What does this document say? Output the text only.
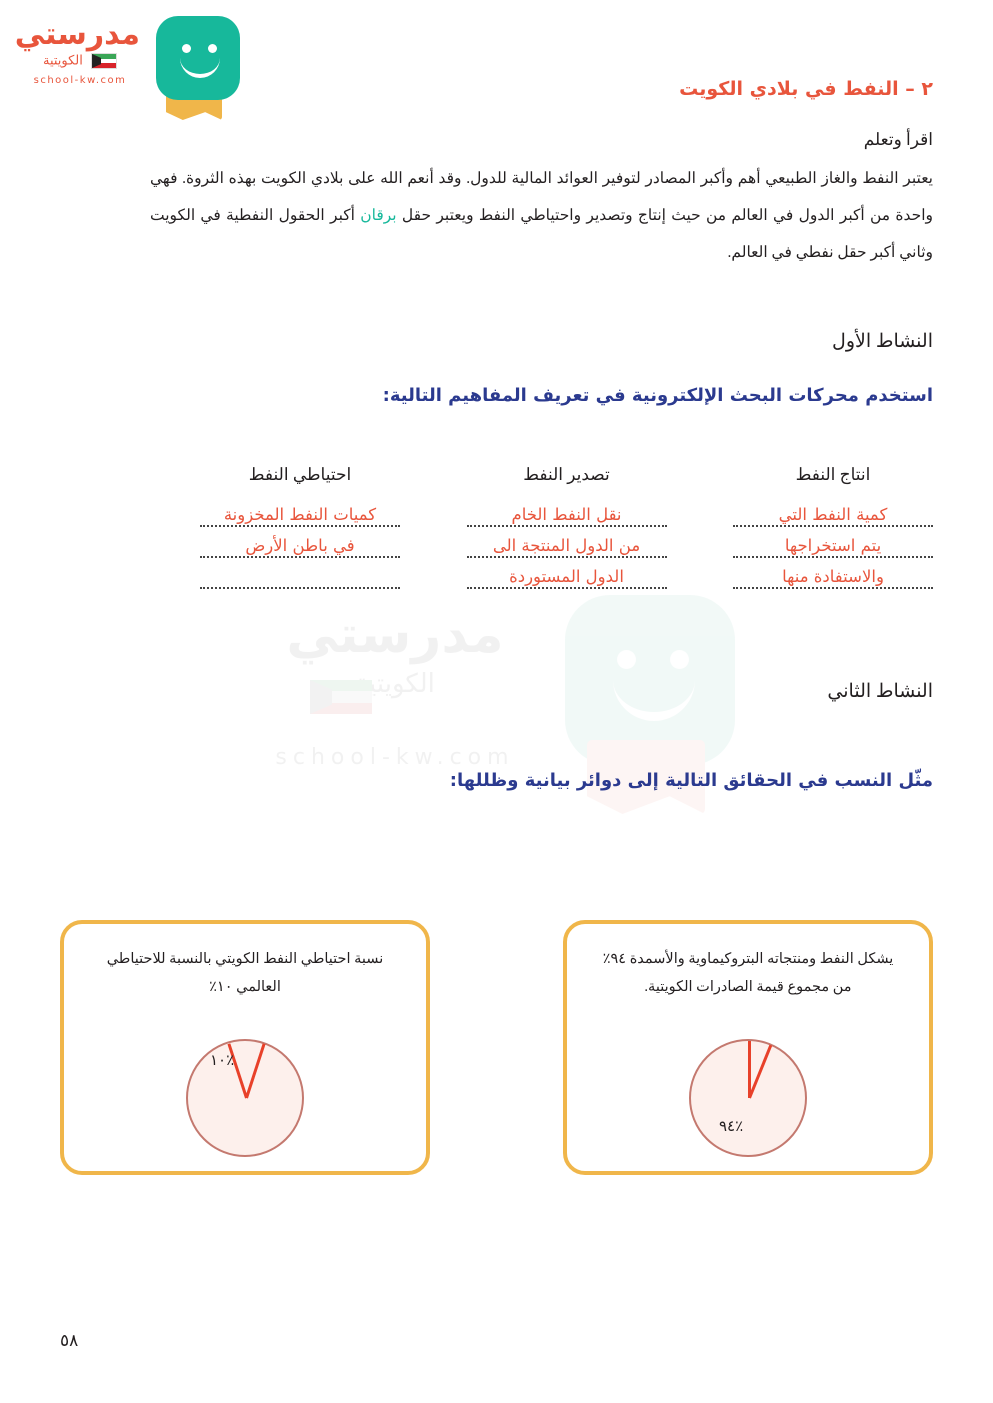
مدرستي
الكويتية
school-kw.com
مدرستي
الكويتية
school-kw.com
٢ – النفط في بلادي الكويت
اقرأ وتعلم
يعتبر النفط والغاز الطبيعي أهم وأكبر المصادر لتوفير العوائد المالية للدول. وقد أنعم الله على بلادي الكويت بهذه الثروة. فهي واحدة من أكبر الدول في العالم من حيث إنتاج وتصدير واحتياطي النفط ويعتبر حقل برقان أكبر الحقول النفطية في الكويت وثاني أكبر حقل نفطي في العالم.
النشاط الأول
استخدم محركات البحث الإلكترونية في تعريف المفاهيم التالية:
انتاج النفط
كمية النفط التي
يتم استخراجها
والاستفادة منها
تصدير النفط
نقل النفط الخام
من الدول المنتجة الى
الدول المستوردة
احتياطي النفط
كميات النفط المخزونة
في باطن الأرض
النشاط الثاني
مثّل النسب في الحقائق التالية إلى دوائر بيانية وظللها:
يشكل النفط ومنتجاته البتروكيماوية والأسمدة ٩٤٪
من مجموع قيمة الصادرات الكويتية.
٪٩٤
نسبة احتياطي النفط الكويتي بالنسبة للاحتياطي
العالمي ١٠٪
٪١٠
٥٨
